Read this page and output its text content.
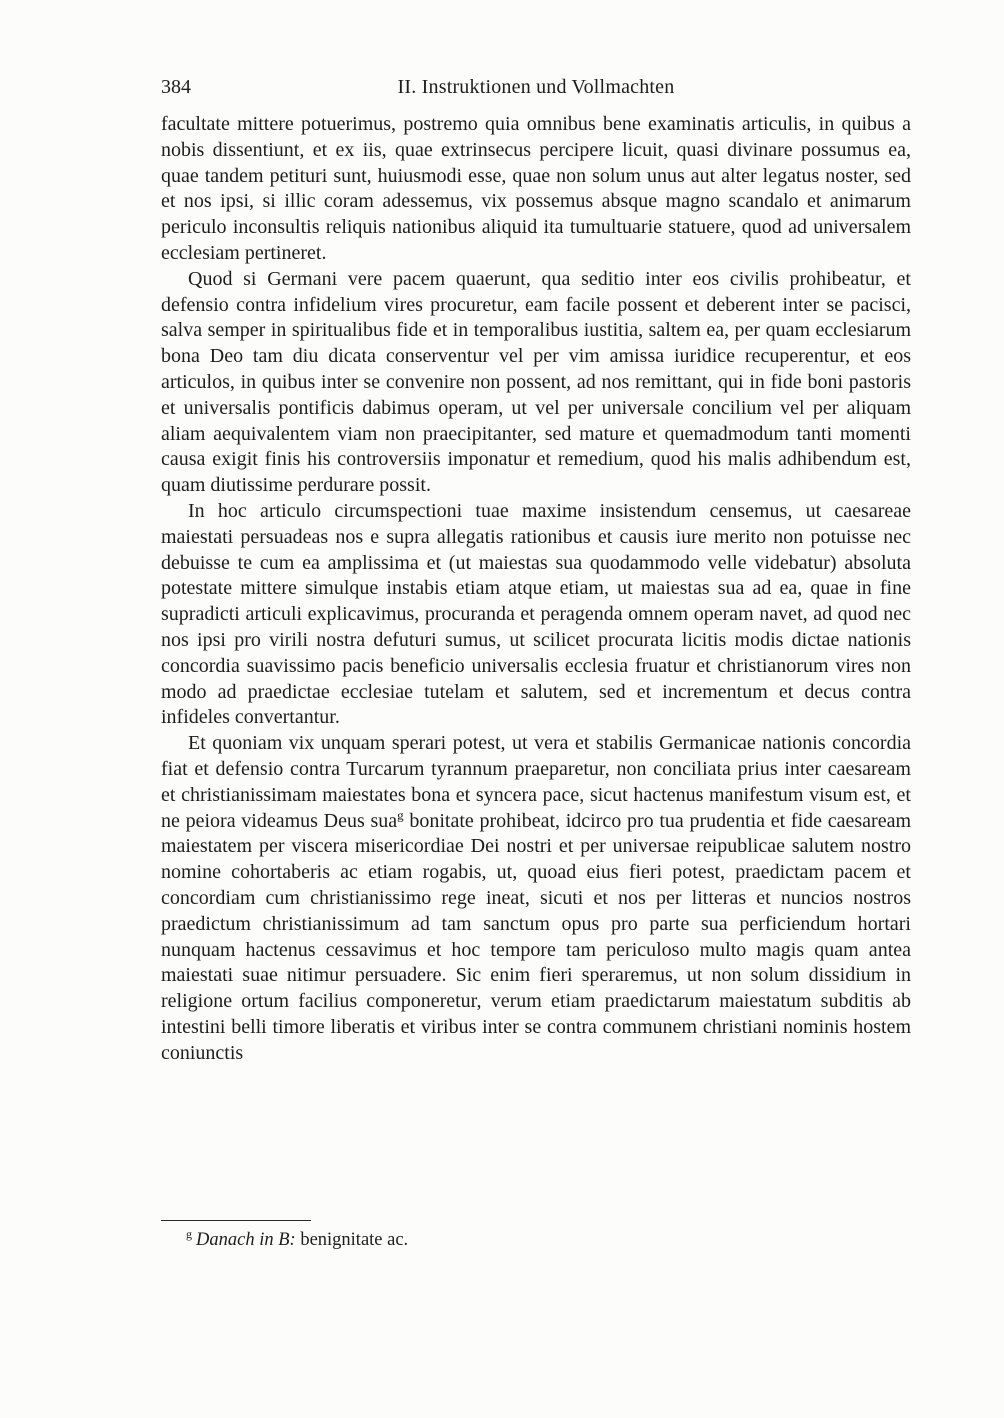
384	II. Instruktionen und Vollmachten

facultate mittere potuerimus, postremo quia omnibus bene examinatis articulis, in quibus a nobis dissentiunt, et ex iis, quae extrinsecus percipere licuit, quasi divinare possumus ea, quae tandem petituri sunt, huiusmodi esse, quae non solum unus aut alter legatus noster, sed et nos ipsi, si illic coram adessemus, vix possemus absque magno scandalo et animarum periculo inconsultis reliquis nationibus aliquid ita tumultuarie statuere, quod ad universalem ecclesiam pertineret.

Quod si Germani vere pacem quaerunt, qua seditio inter eos civilis prohibeatur, et defensio contra infidelium vires procuretur, eam facile possent et deberent inter se pacisci, salva semper in spiritualibus fide et in temporalibus iustitia, saltem ea, per quam ecclesiarum bona Deo tam diu dicata conserventur vel per vim amissa iuridice recuperentur, et eos articulos, in quibus inter se convenire non possent, ad nos remittant, qui in fide boni pastoris et universalis pontificis dabimus operam, ut vel per universale concilium vel per aliquam aliam aequivalentem viam non praecipitanter, sed mature et quemadmodum tanti momenti causa exigit finis his controversiis imponatur et remedium, quod his malis adhibendum est, quam diutissime perdurare possit.

In hoc articulo circumspectioni tuae maxime insistendum censemus, ut caesareae maiestati persuadeas nos e supra allegatis rationibus et causis iure merito non potuisse nec debuisse te cum ea amplissima et (ut maiestas sua quodammodo velle videbatur) absoluta potestate mittere simulque instabis etiam atque etiam, ut maiestas sua ad ea, quae in fine supradicti articuli explicavimus, procuranda et peragenda omnem operam navet, ad quod nec nos ipsi pro virili nostra defuturi sumus, ut scilicet procurata licitis modis dictae nationis concordia suavissimo pacis beneficio universalis ecclesia fruatur et christianorum vires non modo ad praedictae ecclesiae tutelam et salutem, sed et incrementum et decus contra infideles convertantur.

Et quoniam vix unquam sperari potest, ut vera et stabilis Germanicae nationis concordia fiat et defensio contra Turcarum tyrannum praeparetur, non conciliata prius inter caesaream et christianissimam maiestates bona et syncera pace, sicut hactenus manifestum visum est, et ne peiora videamus Deus sua$^g$ bonitate prohibeat, idcirco pro tua prudentia et fide caesaream maiestatem per viscera misericordiae Dei nostri et per universae reipublicae salutem nostro nomine cohortaberis ac etiam rogabis, ut, quoad eius fieri potest, praedictam pacem et concordiam cum christianissimo rege ineat, sicuti et nos per litteras et nuncios nostros praedictum christianissimum ad tam sanctum opus pro parte sua perficiendum hortari nunquam hactenus cessavimus et hoc tempore tam periculoso multo magis quam antea maiestati suae nitimur persuadere. Sic enim fieri speraremus, ut non solum dissidium in religione ortum facilius componeretur, verum etiam praedictarum maiestatum subditis ab intestini belli timore liberatis et viribus inter se contra communem christiani nominis hostem coniunctis

$^g$ Danach in B: benignitate ac.
